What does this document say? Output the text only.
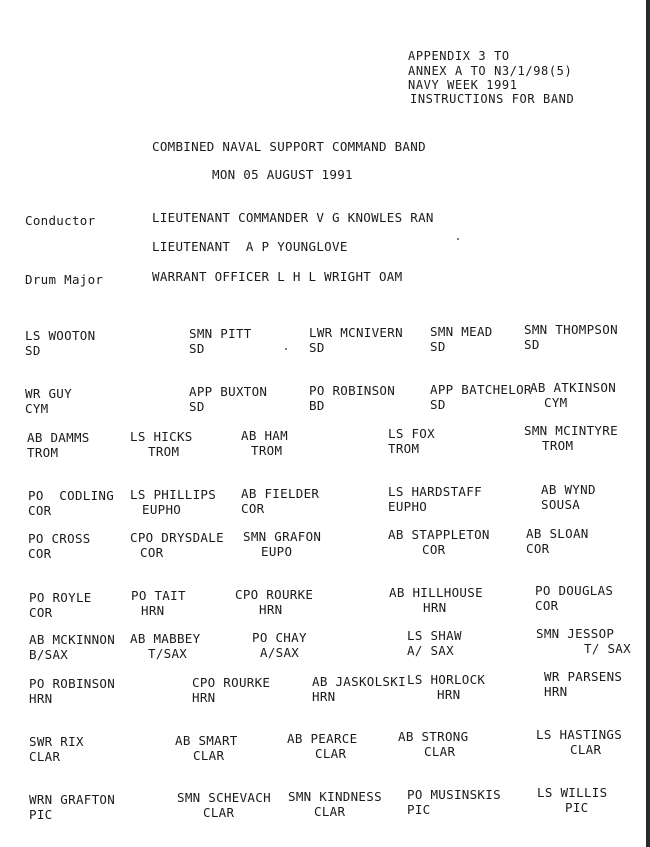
APPENDIX 3 TO
ANNEX A TO N3/1/98(5)
NAVY WEEK 1991
INSTRUCTIONS FOR BAND
COMBINED NAVAL SUPPORT COMMAND BAND
MON 05 AUGUST 1991
Conductor	LIEUTENANT COMMANDER V G KNOWLES RAN
LIEUTENANT  A P YOUNGLOVE
Drum Major	WARRANT OFFICER L H L WRIGHT OAM
LS WOOTON
SD
SMN PITT
SD
LWR MCNIVERN
SD
SMN MEAD
SD
SMN THOMPSON
SD
WR GUY
CYM
APP BUXTON
SD
PO ROBINSON
BD
APP BATCHELOR
SD
AB ATKINSON
CYM
AB DAMMS
TROM
LS HICKS
TROM
AB HAM
TROM
LS FOX
TROM
SMN MCINTYRE
TROM
PO  CODLING
COR
LS PHILLIPS
EUPHO
AB FIELDER
COR
LS HARDSTAFF
EUPHO
AB WYND
SOUSA
PO CROSS
COR
CPO DRYSDALE
COR
SMN GRAFON
EUPO
AB STAPPLETON
COR
AB SLOAN
COR
PO ROYLE
COR
PO TAIT
HRN
CPO ROURKE
HRN
AB HILLHOUSE
HRN
PO DOUGLAS
COR
AB MCKINNON
B/SAX
AB MABBEY
T/SAX
PO CHAY
A/SAX
LS SHAW
A/ SAX
SMN JESSOP
T/ SAX
PO ROBINSON
HRN
CPO ROURKE
HRN
AB JASKOLSKI
HRN
LS HORLOCK
HRN
WR PARSENS
HRN
SWR RIX
CLAR
AB SMART
CLAR
AB PEARCE
CLAR
AB STRONG
CLAR
LS HASTINGS
CLAR
WRN GRAFTON
PIC
SMN SCHEVACH
CLAR
SMN KINDNESS
CLAR
PO MUSINSKIS
PIC
LS WILLIS
PIC
